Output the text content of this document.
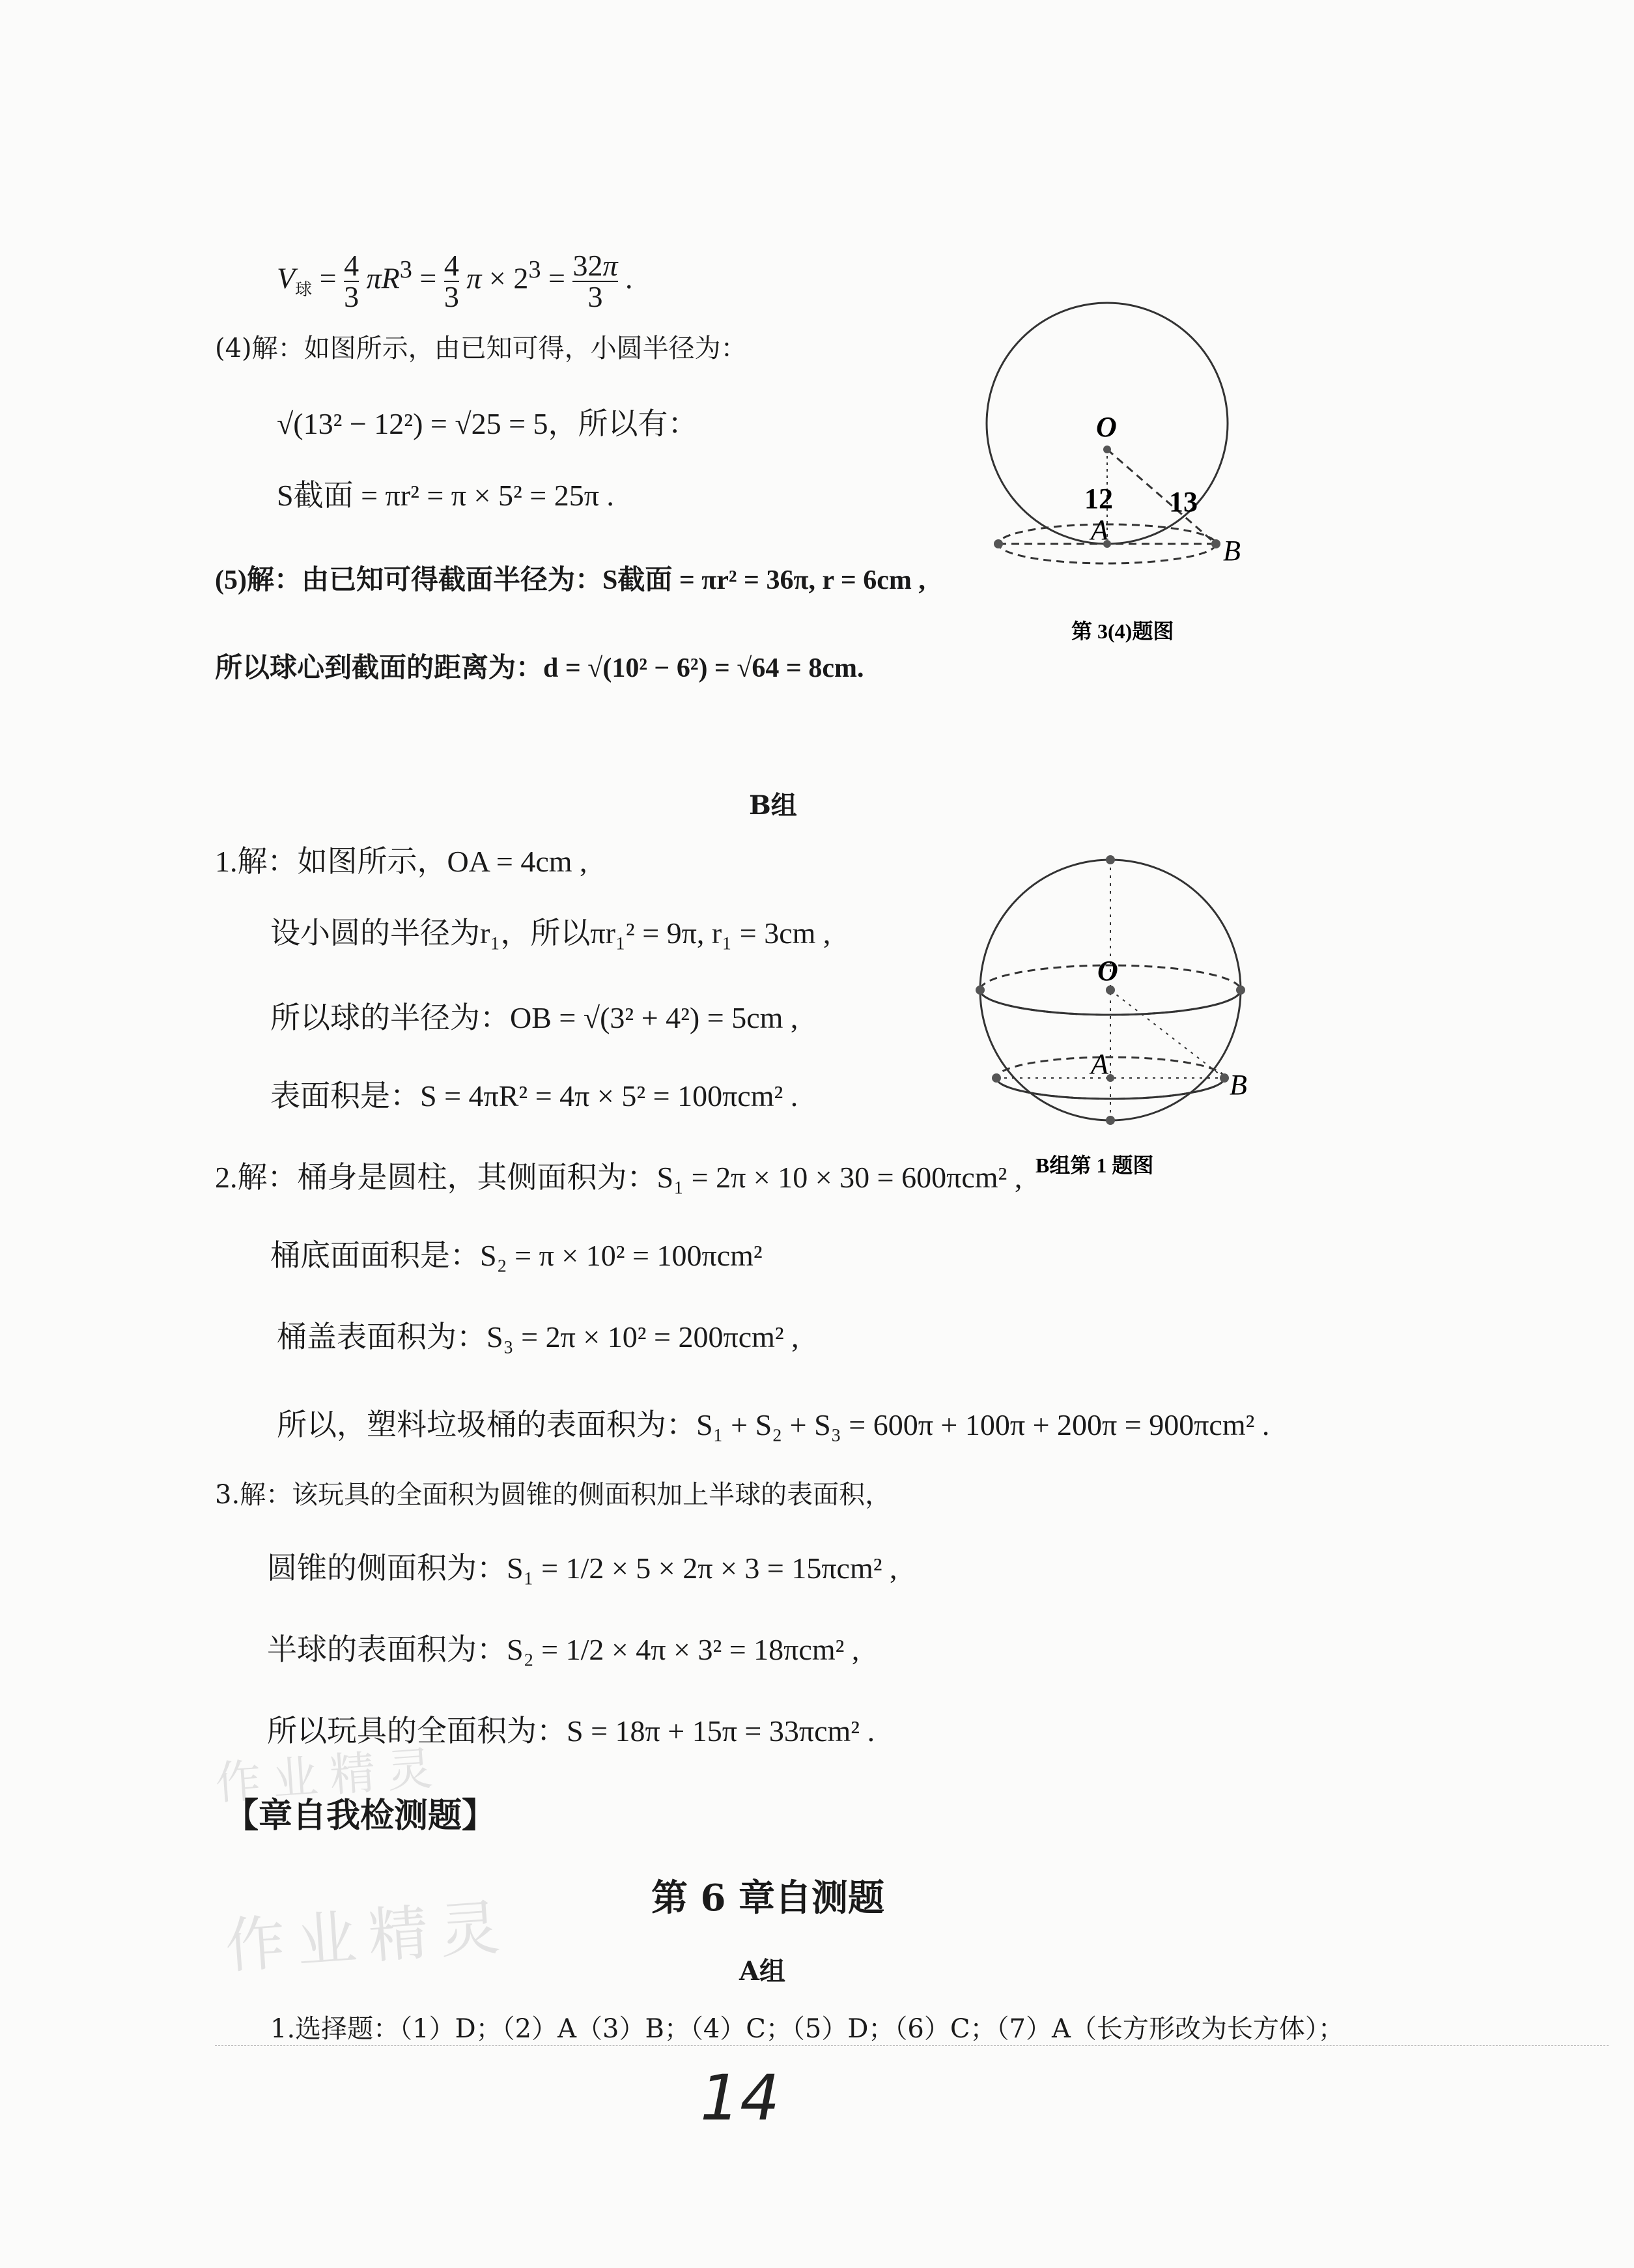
$V_球 = \frac{4}{3} \pi R^3 = \frac{4}{3}$ $\pi \times 2^3 = \frac{32\pi}{3}$ .
(4)解：如图所示，由已知可得，小圆半径为：
√(13² − 12²) = √25 = 5，所以有：
S截面 = πr² = π × 5² = 25π .
(5)解：由已知可得截面半径为：S截面 = πr² = 36π, r = 6cm ,
所以球心到截面的距离为：d = √(10² − 6²) = √64 = 8cm.
O
12 13
A
B
第 3(4)题图
B组
1.解：如图所示，OA = 4cm ,
设小圆的半径为r₁，所以πr₁² = 9π, r₁ = 3cm ,
所以球的半径为：OB = √(3² + 4²) = 5cm ,
表面积是：S = 4πR² = 4π × 5² = 100πcm² .
O
A
B
B组第 1 题图
2.解：桶身是圆柱，其侧面积为：S₁ = 2π × 10 × 30 = 600πcm² ,
桶底面面积是：S₂ = π × 10² = 100πcm²
桶盖表面积为：S₃ = 2π × 10² = 200πcm² ,
所以，塑料垃圾桶的表面积为：S₁ + S₂ + S₃ = 600π + 100π + 200π = 900πcm² .
3.解：该玩具的全面积为圆锥的侧面积加上半球的表面积，
圆锥的侧面积为：S₁ = 1/2 × 5 × 2π × 3 = 15πcm² ,
半球的表面积为：S₂ = 1/2 × 4π × 3² = 18πcm² ,
所以玩具的全面积为：S = 18π + 15π = 33πcm² .
作业精灵
作业精灵
【章自我检测题】
第 6 章自测题
A组
1.选择题：（1）D；（2）A（3）B；（4）C；（5）D；（6）C；（7）A（长方形改为长方体）；
14
